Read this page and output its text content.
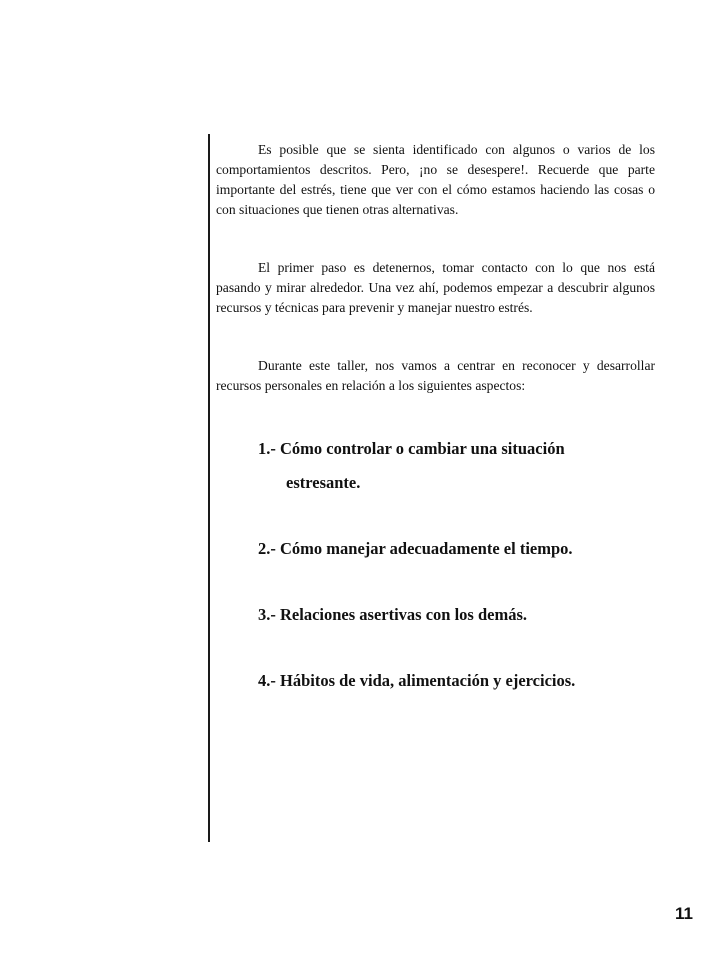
Es posible que se sienta identificado con algunos o varios de los comportamientos descritos. Pero, ¡no se desespere!. Recuerde que parte importante del estrés, tiene que ver con el cómo estamos haciendo las cosas o con situaciones que tienen otras alternativas.

El primer paso es detenernos, tomar contacto con lo que nos está pasando y mirar alrededor. Una vez ahí, podemos empezar a descubrir algunos recursos y técnicas para prevenir y manejar nuestro estrés.

Durante este taller, nos vamos a centrar en reconocer y desarrollar recursos personales en relación a los siguientes aspectos:

1.- Cómo controlar o cambiar una situación
estresante.
2.- Cómo manejar adecuadamente el tiempo.
3.- Relaciones asertivas con los demás.
4.- Hábitos de vida, alimentación y ejercicios.
11
